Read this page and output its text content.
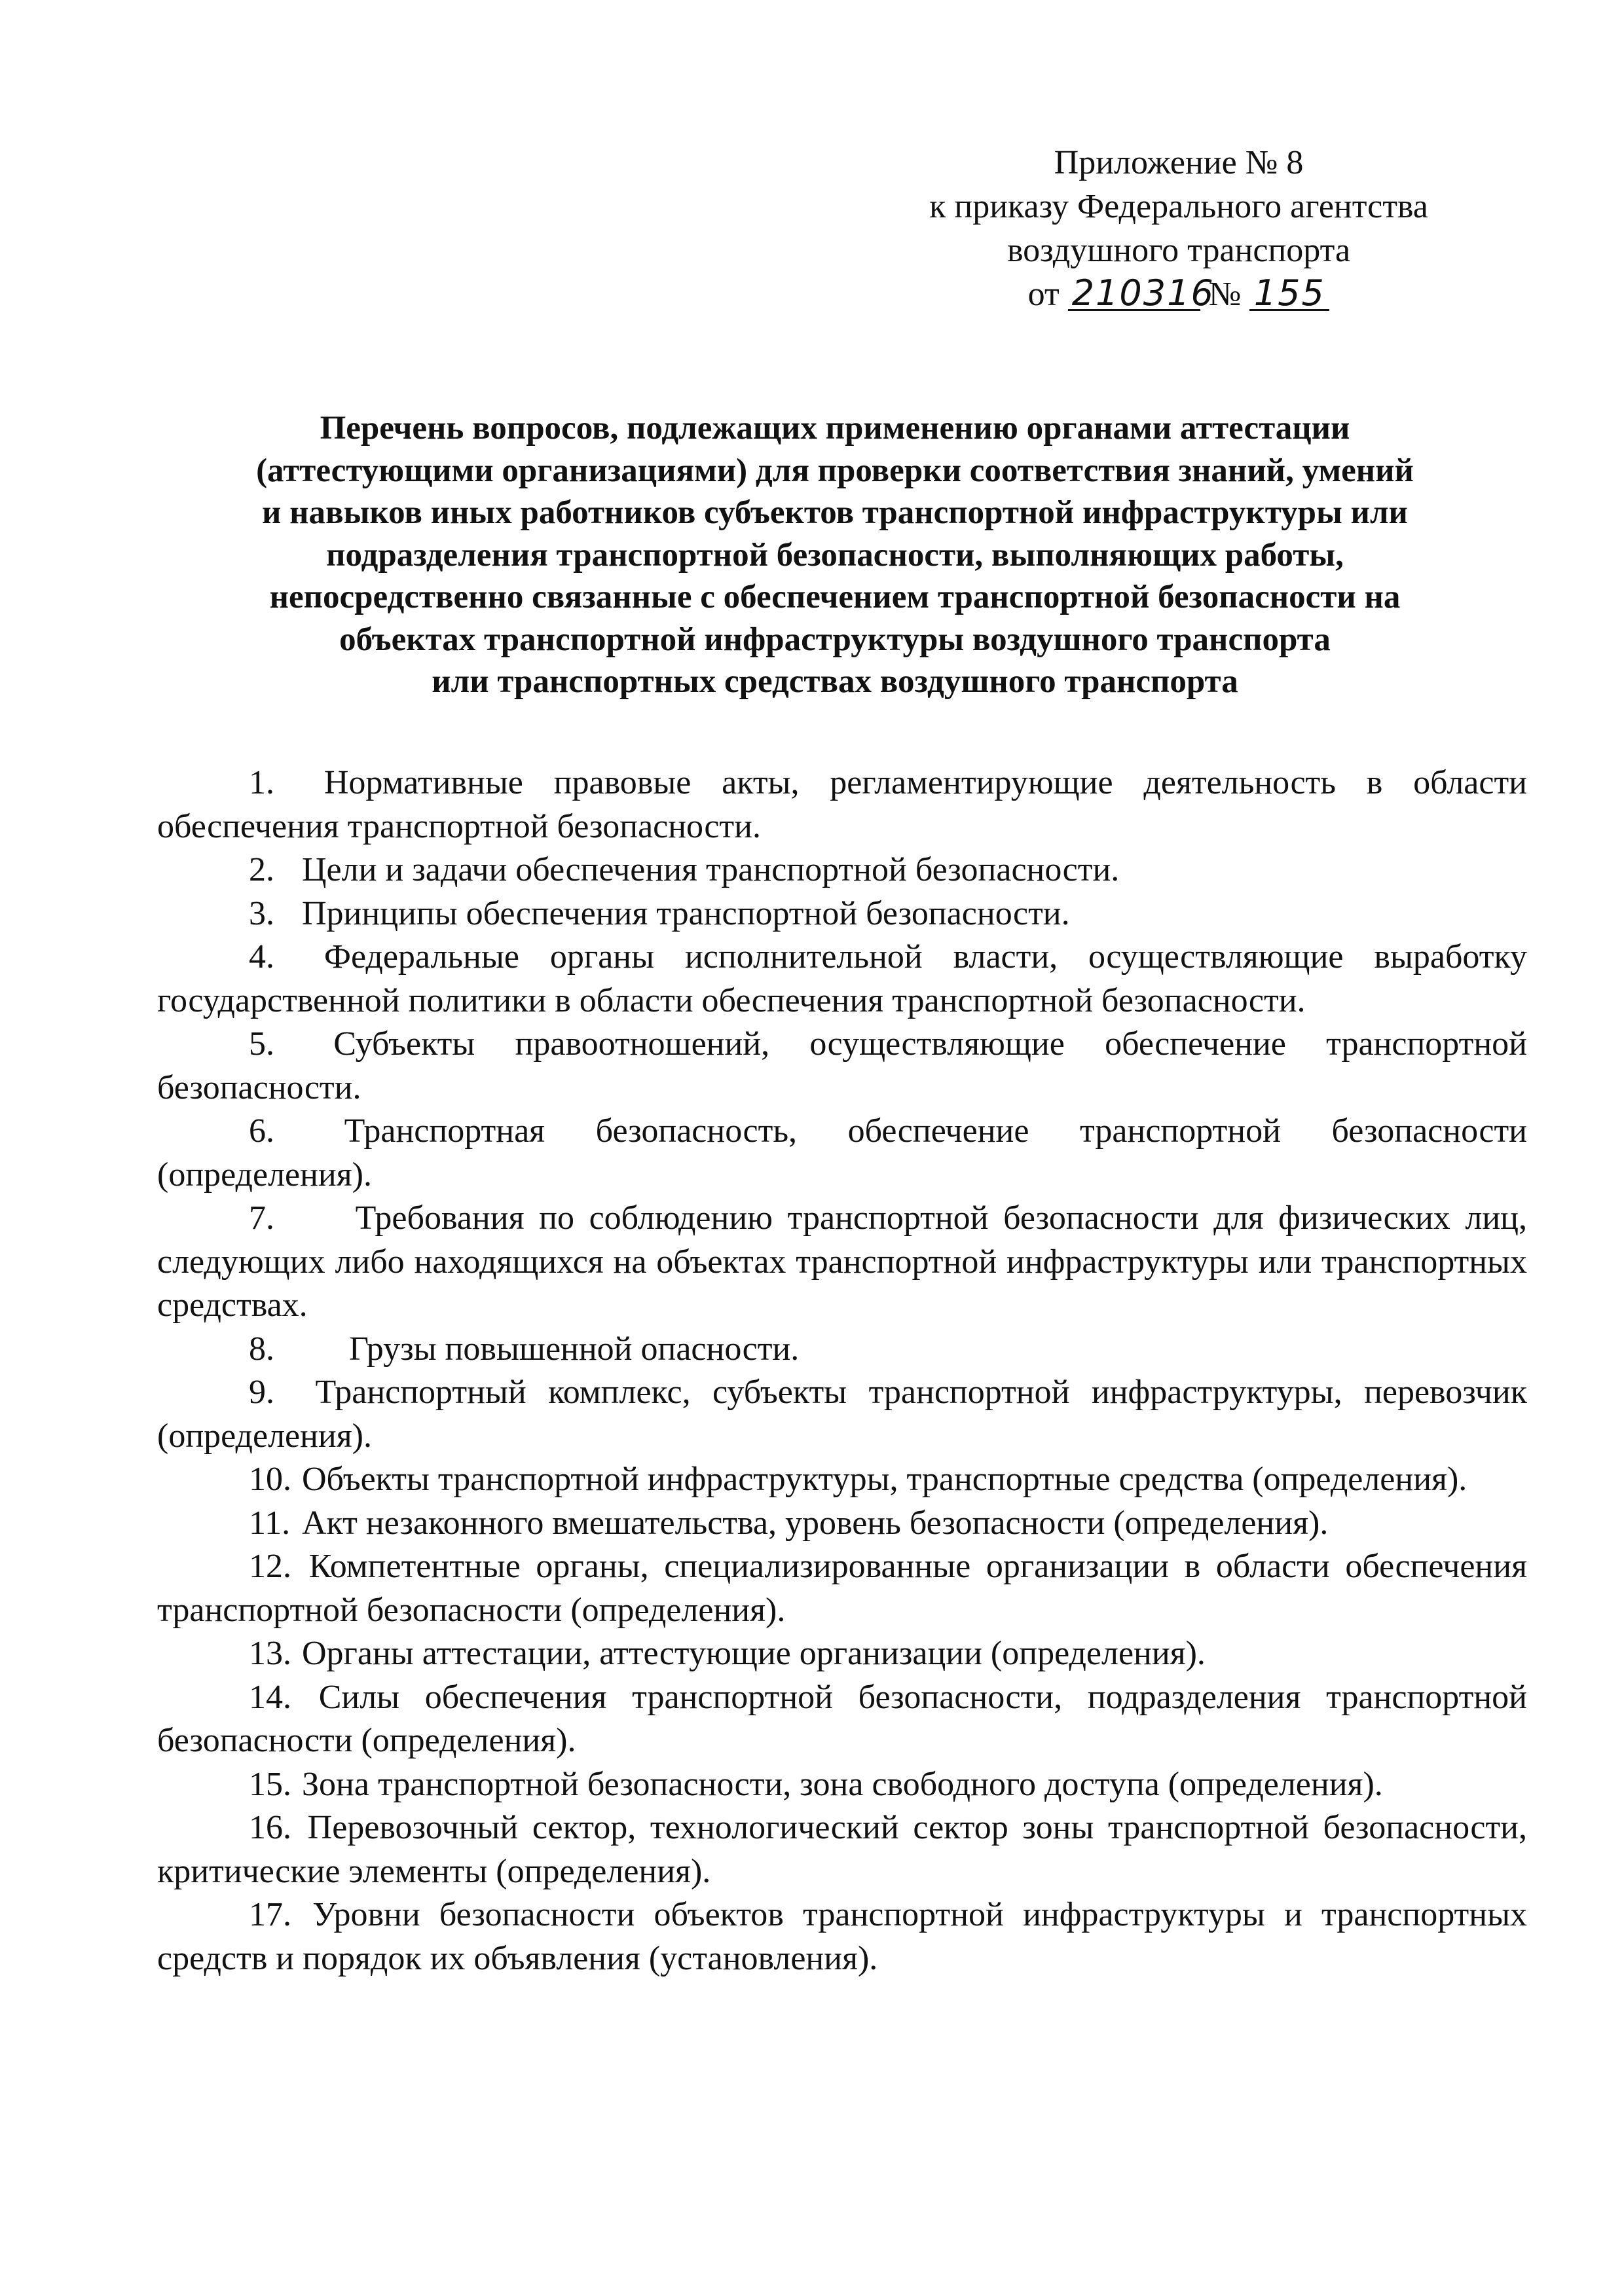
Приложение № 8
к приказу Федерального агентства
воздушного транспорта
от 210316 № 155
Перечень вопросов, подлежащих применению органами аттестации
(аттестующими организациями) для проверки соответствия знаний, умений
и навыков иных работников субъектов транспортной инфраструктуры или
подразделения транспортной безопасности, выполняющих работы,
непосредственно связанные с обеспечением транспортной безопасности на
объектах транспортной инфраструктуры воздушного транспорта
или транспортных средствах воздушного транспорта
1. Нормативные правовые акты, регламентирующие деятельность в области обеспечения транспортной безопасности.
2. Цели и задачи обеспечения транспортной безопасности.
3. Принципы обеспечения транспортной безопасности.
4. Федеральные органы исполнительной власти, осуществляющие выработку государственной политики в области обеспечения транспортной безопасности.
5. Субъекты правоотношений, осуществляющие обеспечение транспортной безопасности.
6. Транспортная безопасность, обеспечение транспортной безопасности (определения).
7. Требования по соблюдению транспортной безопасности для физических лиц, следующих либо находящихся на объектах транспортной инфраструктуры или транспортных средствах.
8. Грузы повышенной опасности.
9. Транспортный комплекс, субъекты транспортной инфраструктуры, перевозчик (определения).
10. Объекты транспортной инфраструктуры, транспортные средства (определения).
11. Акт незаконного вмешательства, уровень безопасности (определения).
12. Компетентные органы, специализированные организации в области обеспечения транспортной безопасности (определения).
13. Органы аттестации, аттестующие организации (определения).
14. Силы обеспечения транспортной безопасности, подразделения транспортной безопасности (определения).
15. Зона транспортной безопасности, зона свободного доступа (определения).
16. Перевозочный сектор, технологический сектор зоны транспортной безопасности, критические элементы (определения).
17. Уровни безопасности объектов транспортной инфраструктуры и транспортных средств и порядок их объявления (установления).
